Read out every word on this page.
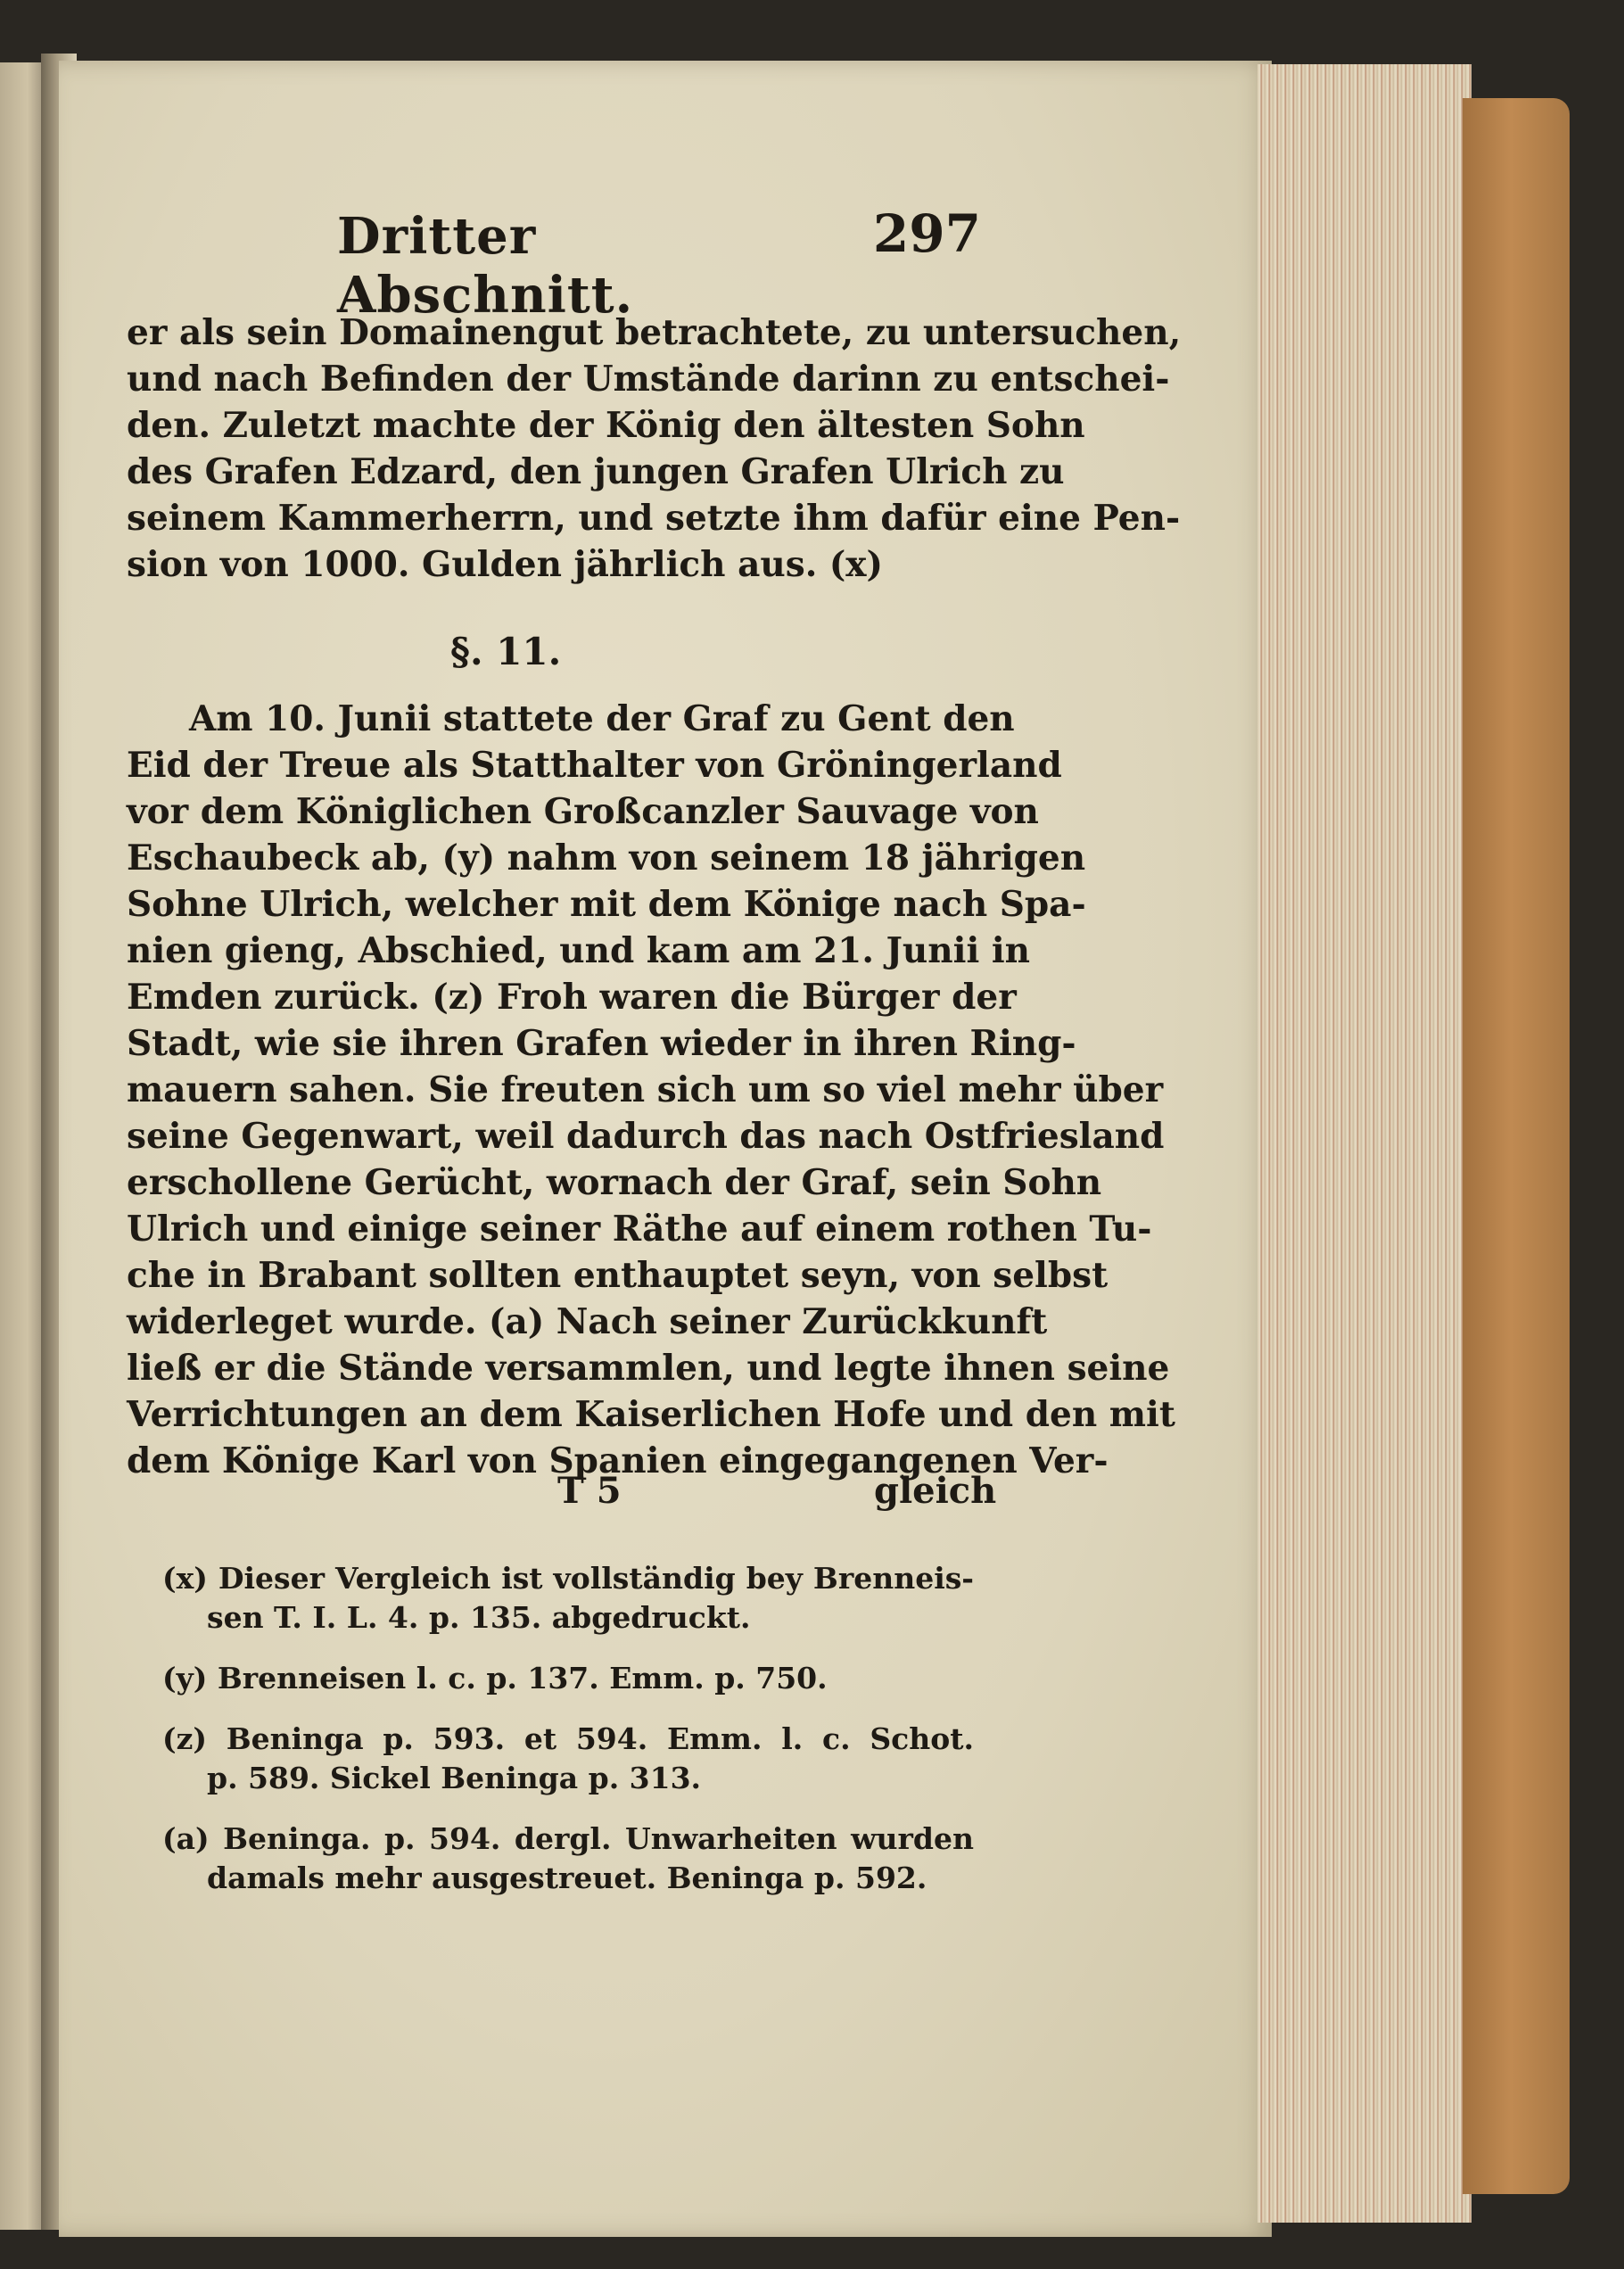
Dritter Abschnitt.
297
er als sein Domainengut betrachtete, zu untersuchen,
und nach Befinden der Umstände darinn zu entschei-
den. Zuletzt machte der König den ältesten Sohn
des Grafen Edzard, den jungen Grafen Ulrich zu
seinem Kammerherrn, und setzte ihm dafür eine Pen-
sion von 1000. Gulden jährlich aus. (x)
§. 11.
Am 10. Junii stattete der Graf zu Gent den
Eid der Treue als Statthalter von Gröningerland
vor dem Königlichen Großcanzler Sauvage von
Eschaubeck ab, (y) nahm von seinem 18 jährigen
Sohne Ulrich, welcher mit dem Könige nach Spa-
nien gieng, Abschied, und kam am 21. Junii in
Emden zurück. (z) Froh waren die Bürger der
Stadt, wie sie ihren Grafen wieder in ihren Ring-
mauern sahen. Sie freuten sich um so viel mehr über
seine Gegenwart, weil dadurch das nach Ostfriesland
erschollene Gerücht, wornach der Graf, sein Sohn
Ulrich und einige seiner Räthe auf einem rothen Tu-
che in Brabant sollten enthauptet seyn, von selbst
widerleget wurde. (a) Nach seiner Zurückkunft
ließ er die Stände versammlen, und legte ihnen seine
Verrichtungen an dem Kaiserlichen Hofe und den mit
dem Könige Karl von Spanien eingegangenen Ver-
T 5	gleich
(x) Dieser Vergleich ist vollständig bey Brenneis-
sen T. I. L. 4. p. 135. abgedruckt.
(y) Brenneisen l. c. p. 137. Emm. p. 750.
(z) Beninga p. 593. et 594. Emm. l. c. Schot.
p. 589. Sickel Beninga p. 313.
(a) Beninga. p. 594. dergl. Unwarheiten wurden
damals mehr ausgestreuet. Beninga p. 592.
